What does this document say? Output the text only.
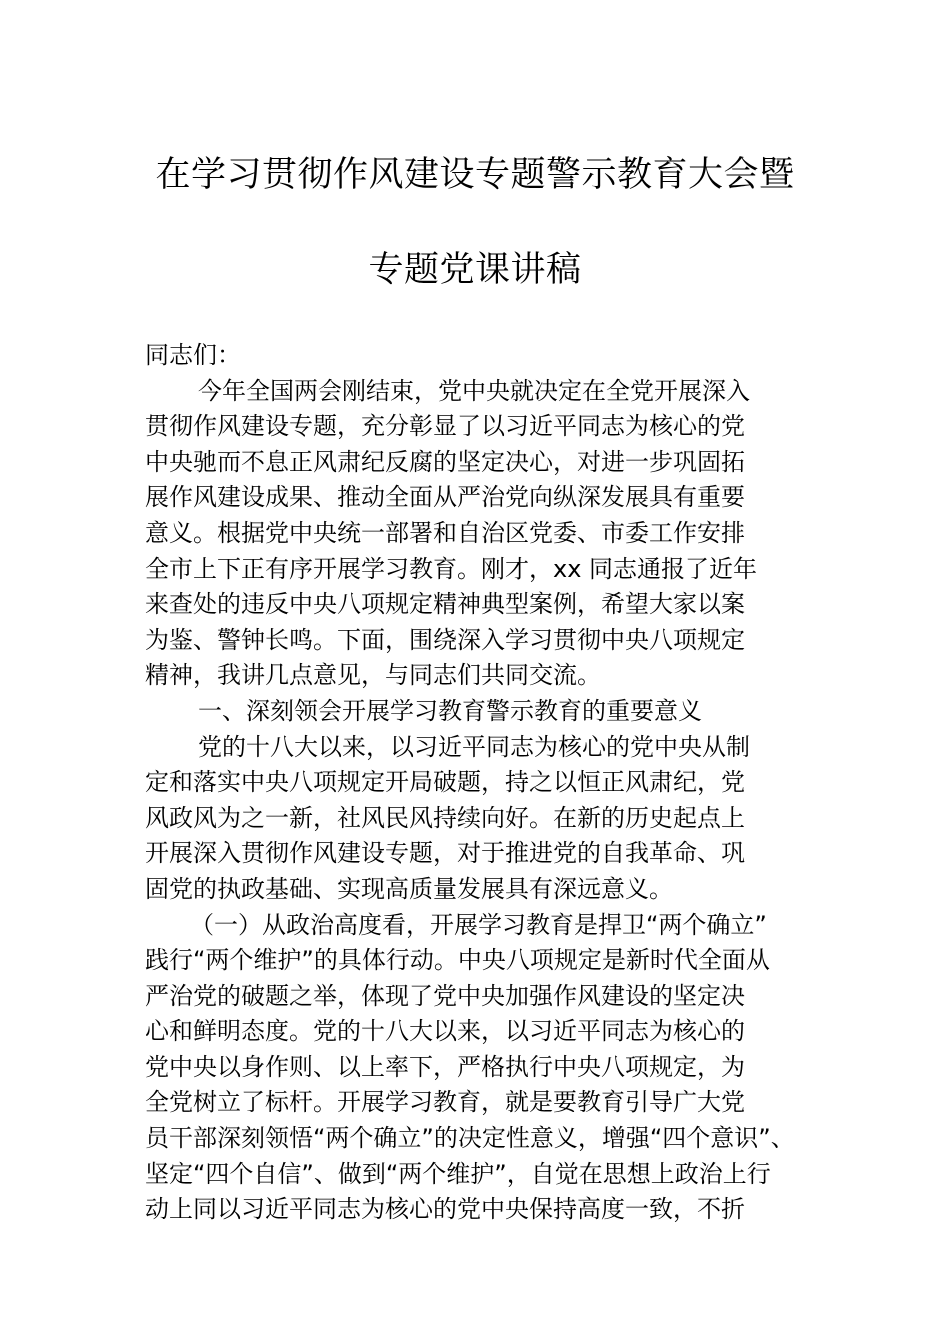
在学习贯彻作风建设专题警示教育大会暨
专题党课讲稿
同志们：
今年全国两会刚结束，党中央就决定在全党开展深入
贯彻作风建设专题，充分彰显了以习近平同志为核心的党
中央驰而不息正风肃纪反腐的坚定决心，对进一步巩固拓
展作风建设成果、推动全面从严治党向纵深发展具有重要
意义。根据党中央统一部署和自治区党委、市委工作安排
全市上下正有序开展学习教育。刚才，xx 同志通报了近年
来查处的违反中央八项规定精神典型案例，希望大家以案
为鉴、警钟长鸣。下面，围绕深入学习贯彻中央八项规定
精神，我讲几点意见，与同志们共同交流。
一、深刻领会开展学习教育警示教育的重要意义
党的十八大以来，以习近平同志为核心的党中央从制
定和落实中央八项规定开局破题，持之以恒正风肃纪，党
风政风为之一新，社风民风持续向好。在新的历史起点上
开展深入贯彻作风建设专题，对于推进党的自我革命、巩
固党的执政基础、实现高质量发展具有深远意义。
（一）从政治高度看，开展学习教育是捍卫“两个确立”
践行“两个维护”的具体行动。中央八项规定是新时代全面从
严治党的破题之举，体现了党中央加强作风建设的坚定决
心和鲜明态度。党的十八大以来，以习近平同志为核心的
党中央以身作则、以上率下，严格执行中央八项规定，为
全党树立了标杆。开展学习教育，就是要教育引导广大党
员干部深刻领悟“两个确立”的决定性意义，增强“四个意识”、
坚定“四个自信”、做到“两个维护”，自觉在思想上政治上行
动上同以习近平同志为核心的党中央保持高度一致，不折
